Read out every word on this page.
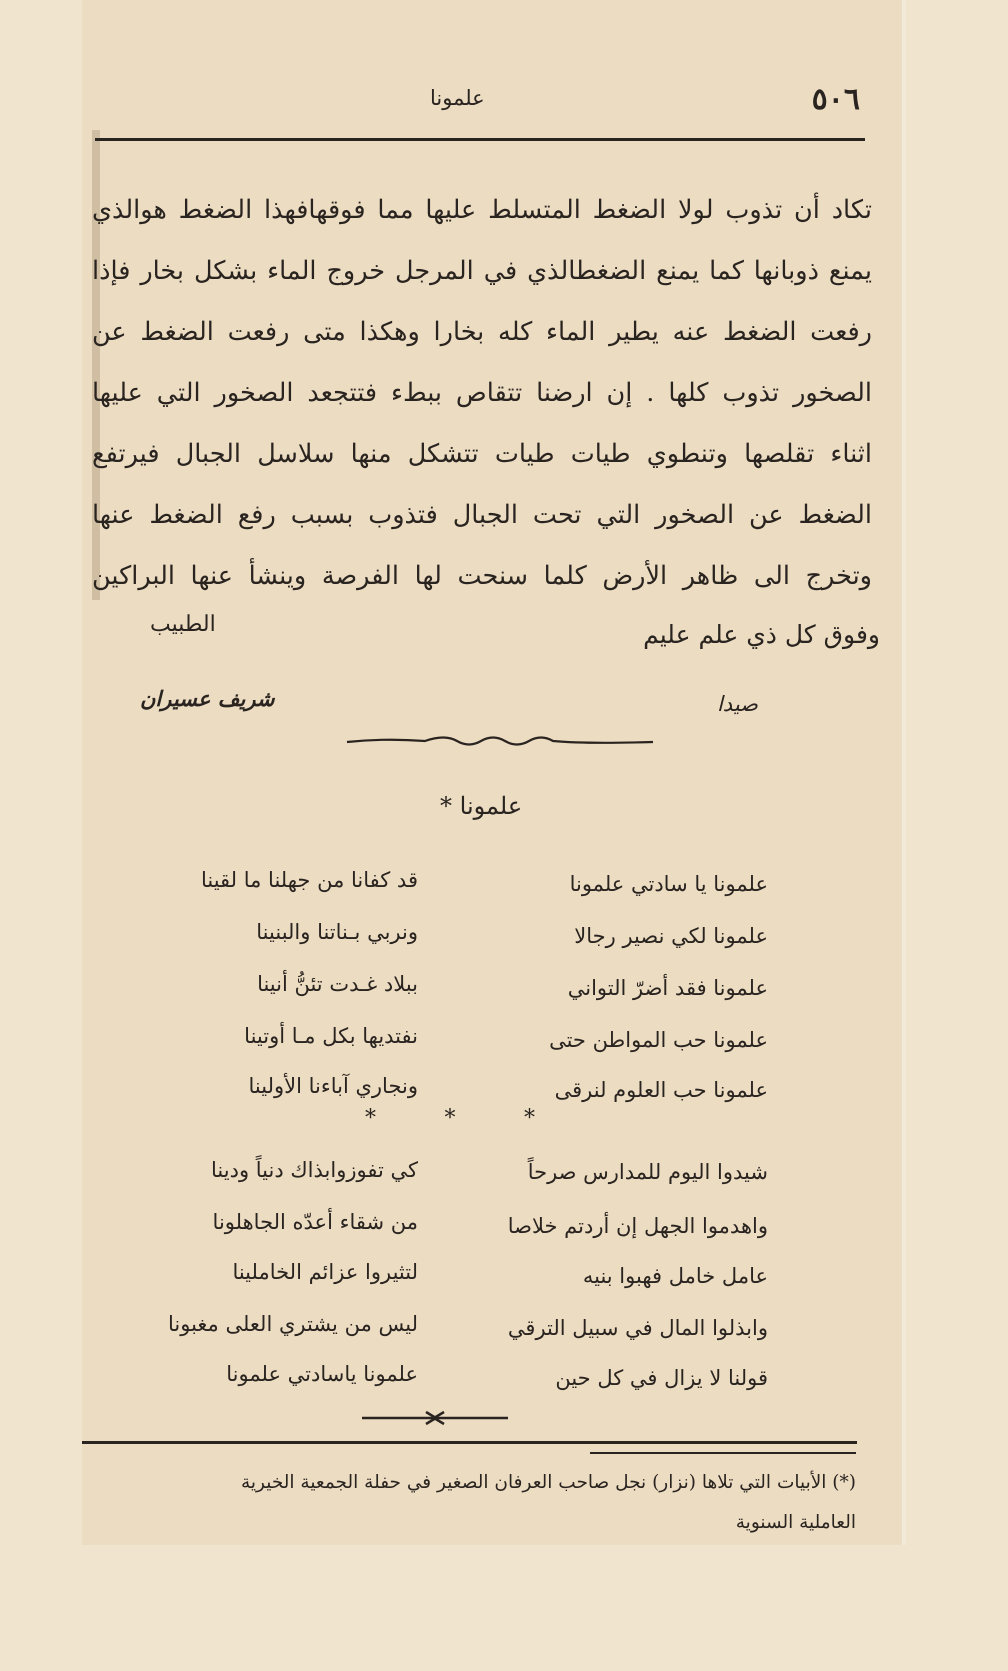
علمونا	٥٠٦
تكاد أن تذوب لولا الضغط المتسلط عليها مما فوقهافهذا الضغط هوالذي
يمنع ذوبانها كما يمنع الضغطالذي في المرجل خروج الماء بشكل بخار فإذا
رفعت الضغط عنه يطير الماء كله بخارا وهكذا متى رفعت الضغط عن
الصخور تذوب كلها . إن ارضنا تتقاص ببطء فتتجعد الصخور التي عليها
اثناء تقلصها وتنطوي طيات طيات تتشكل منها سلاسل الجبال فيرتفع
الضغط عن الصخور التي تحت الجبال فتذوب بسبب رفع الضغط عنها
وتخرج الى ظاهر الأرض كلما سنحت لها الفرصة وينشأ عنها البراكين
وفوق كل ذي علم عليم
الطبيب
شريف عسيران	صيدا
علمونا *
علمونا يا سادتي علمونا
قد كفانا من جهلنا ما لقينا
علمونا لكي نصير رجالا
ونربي بـناتنا والبنينا
علمونا فقد أضرّ التواني
ببلاد غـدت تئنُّ أنينا
علمونا حب المواطن حتى
نفتديها بكل مـا أوتينا
علمونا حب العلوم لنرقى
ونجاري آباءنا الأولينا
*	*	*
شيدوا اليوم للمدارس صرحاً
كي تفوزوابذاك دنياً ودينا
واهدموا الجهل إن أردتم خلاصا
من شقاء أعدّه الجاهلونا
عامل خامل فهبوا بنيه
لتثيروا عزائم الخاملينا
وابذلوا المال في سبيل الترقي
ليس من يشتري العلى مغبونا
قولنا لا يزال في كل حين
علمونا ياسادتي علمونا
(*) الأبيات التي تلاها (نزار) نجل صاحب العرفان الصغير في حفلة الجمعية الخيرية
العاملية السنوية
